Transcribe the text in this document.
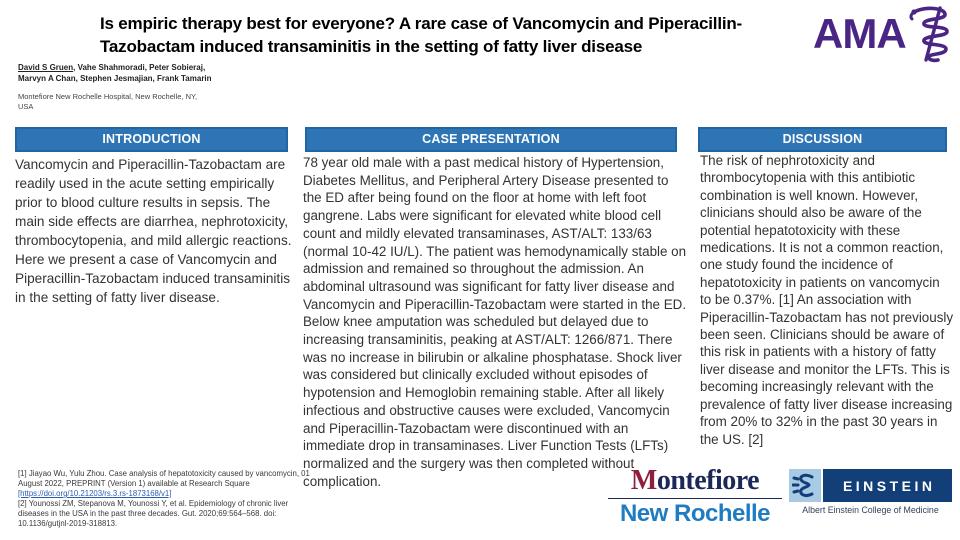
Is empiric therapy best for everyone? A rare case of Vancomycin and Piperacillin-
Tazobactam induced transaminitis in the setting of fatty liver disease	AMA
David S Gruen, Vahe Shahmoradi, Peter Sobieraj,
Marvyn A Chan, Stephen Jesmajian, Frank Tamarin
Montefiore New Rochelle Hospital, New Rochelle, NY,
USA
INTRODUCTION
Vancomycin and Piperacillin-Tazobactam are readily used in the acute setting empirically prior to blood culture results in sepsis. The main side effects are diarrhea, nephrotoxicity, thrombocytopenia, and mild allergic reactions. Here we present a case of Vancomycin and Piperacillin-Tazobactam induced transaminitis in the setting of fatty liver disease.
CASE PRESENTATION
78 year old male with a past medical history of Hypertension, Diabetes Mellitus, and Peripheral Artery Disease presented to the ED after being found on the floor at home with left foot gangrene. Labs were significant for elevated white blood cell count and mildly elevated transaminases, AST/ALT: 133/63 (normal 10-42 IU/L). The patient was hemodynamically stable on admission and remained so throughout the admission. An abdominal ultrasound was significant for fatty liver disease and Vancomycin and Piperacillin-Tazobactam were started in the ED. Below knee amputation was scheduled but delayed due to increasing transaminitis, peaking at AST/ALT: 1266/871. There was no increase in bilirubin or alkaline phosphatase. Shock liver was considered but clinically excluded without episodes of hypotension and Hemoglobin remaining stable. After all likely infectious and obstructive causes were excluded, Vancomycin and Piperacillin-Tazobactam were discontinued with an immediate drop in transaminases. Liver Function Tests (LFTs) normalized and the surgery was then completed without complication.
DISCUSSION
The risk of nephrotoxicity and thrombocytopenia with this antibiotic combination is well known. However, clinicians should also be aware of the potential hepatotoxicity with these medications. It is not a common reaction, one study found the incidence of hepatotoxicity in patients on vancomycin to be 0.37%. [1] An association with Piperacillin-Tazobactam has not previously been seen. Clinicians should be aware of this risk in patients with a history of fatty liver disease and monitor the LFTs. This is becoming increasingly relevant with the prevalence of fatty liver disease increasing from 20% to 32% in the past 30 years in the US. [2]
[1] Jiayao Wu, Yulu Zhou. Case analysis of hepatotoxicity caused by vancomycin, 01 August 2022, PREPRINT (Version 1) available at Research Square [https://doi.org/10.21203/rs.3.rs-1873168/v1]
[2] Younossi ZM, Stepanova M, Younossi Y, et al. Epidemiology of chronic liver diseases in the USA in the past three decades. Gut. 2020;69:564–568. doi: 10.1136/gutjnl-2019-318813.
Montefiore
New Rochelle
EINSTEIN
Albert Einstein College of Medicine
